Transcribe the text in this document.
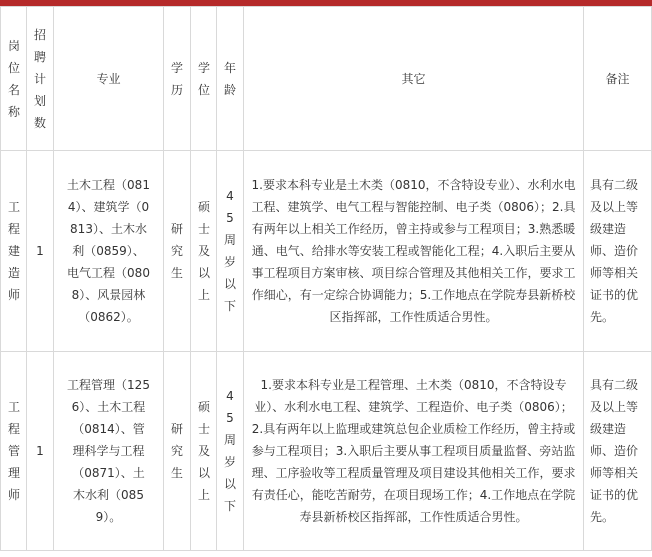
岗位名称	招聘计划数	专业	学历	学位	年龄	其它	备注
工程建造师	1	土木工程（0814）、建筑学（0813）、土木水利（0859）、电气工程（0808）、风景园林（0862）。	研究生	硕士及以上	45周岁以下	1.要求本科专业是土木类（0810，不含特设专业）、水利水电工程、建筑学、电气工程与智能控制、电子类（0806）；2.具有两年以上相关工作经历，曾主持或参与工程项目；3.熟悉暖通、电气、给排水等安装工程或智能化工程；4.入职后主要从事工程项目方案审核、项目综合管理及其他相关工作，要求工作细心，有一定综合协调能力；5.工作地点在学院寿县新桥校区指挥部，工作性质适合男性。	具有二级及以上等级建造师、造价师等相关证书的优先。
工程管理师	1	工程管理（1256）、土木工程（0814）、管理科学与工程（0871）、土木水利（0859）。	研究生	硕士及以上	45周岁以下	1.要求本科专业是工程管理、土木类（0810，不含特设专业）、水利水电工程、建筑学、工程造价、电子类（0806）；2.具有两年以上监理或建筑总包企业质检工作经历，曾主持或参与工程项目；3.入职后主要从事工程项目质量监督、旁站监理、工序验收等工程质量管理及项目建设其他相关工作，要求有责任心，能吃苦耐劳，在项目现场工作；4.工作地点在学院寿县新桥校区指挥部，工作性质适合男性。	具有二级及以上等级建造师、造价师等相关证书的优先。
